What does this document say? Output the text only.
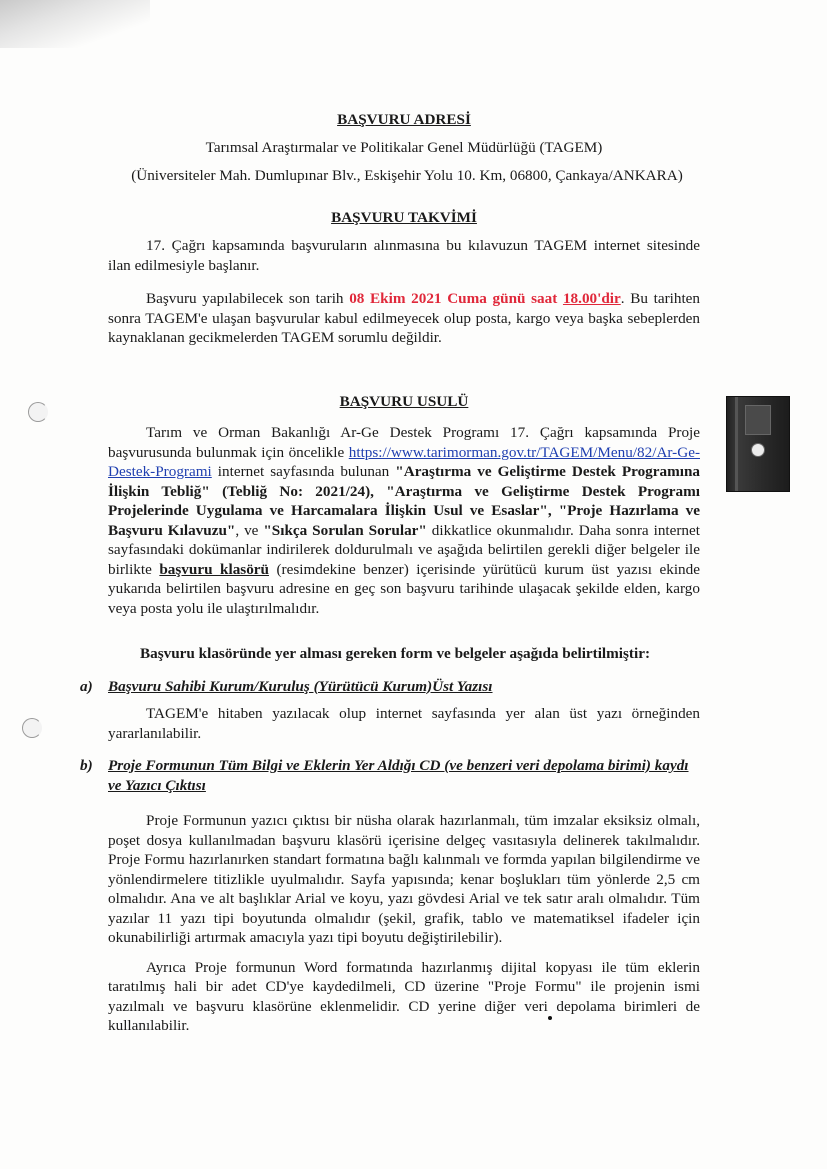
BAŞVURU ADRESİ

Tarımsal Araştırmalar ve Politikalar Genel Müdürlüğü (TAGEM)

(Üniversiteler Mah. Dumlupınar Blv., Eskişehir Yolu 10. Km, 06800, Çankaya/ANKARA)

BAŞVURU TAKVİMİ

17. Çağrı kapsamında başvuruların alınmasına bu kılavuzun TAGEM internet sitesinde ilan edilmesiyle başlanır.

Başvuru yapılabilecek son tarih 08 Ekim 2021 Cuma günü saat 18.00'dir. Bu tarihten sonra TAGEM'e ulaşan başvurular kabul edilmeyecek olup posta, kargo veya başka sebeplerden kaynaklanan gecikmelerden TAGEM sorumlu değildir.

BAŞVURU USULÜ

Tarım ve Orman Bakanlığı Ar-Ge Destek Programı 17. Çağrı kapsamında Proje başvurusunda bulunmak için öncelikle https://www.tarimorman.gov.tr/TAGEM/Menu/82/Ar-Ge-Destek-Programi internet sayfasında bulunan "Araştırma ve Geliştirme Destek Programına İlişkin Tebliğ" (Tebliğ No: 2021/24), "Araştırma ve Geliştirme Destek Programı Projelerinde Uygulama ve Harcamalara İlişkin Usul ve Esaslar", "Proje Hazırlama ve Başvuru Kılavuzu", ve "Sıkça Sorulan Sorular" dikkatlice okunmalıdır. Daha sonra internet sayfasındaki dokümanlar indirilerek doldurulmalı ve aşağıda belirtilen gerekli diğer belgeler ile birlikte başvuru klasörü (resimdekine benzer) içerisinde yürütücü kurum üst yazısı ekinde yukarıda belirtilen başvuru adresine en geç son başvuru tarihinde ulaşacak şekilde elden, kargo veya posta yolu ile ulaştırılmalıdır.

Başvuru klasöründe yer alması gereken form ve belgeler aşağıda belirtilmiştir:

a)	Başvuru Sahibi Kurum/Kuruluş (Yürütücü Kurum)Üst Yazısı

TAGEM'e hitaben yazılacak olup internet sayfasında yer alan üst yazı örneğinden yararlanılabilir.

b)	Proje Formunun Tüm Bilgi ve Eklerin Yer Aldığı CD (ve benzeri veri depolama birimi) kaydı ve Yazıcı Çıktısı

Proje Formunun yazıcı çıktısı bir nüsha olarak hazırlanmalı, tüm imzalar eksiksiz olmalı, poşet dosya kullanılmadan başvuru klasörü içerisine delgeç vasıtasıyla delinerek takılmalıdır. Proje Formu hazırlanırken standart formatına bağlı kalınmalı ve formda yapılan bilgilendirme ve yönlendirmelere titizlikle uyulmalıdır. Sayfa yapısında; kenar boşlukları tüm yönlerde 2,5 cm olmalıdır. Ana ve alt başlıklar Arial ve koyu, yazı gövdesi Arial ve tek satır aralı olmalıdır. Tüm yazılar 11 yazı tipi boyutunda olmalıdır (şekil, grafik, tablo ve matematiksel ifadeler için okunabilirliği artırmak amacıyla yazı tipi boyutu değiştirilebilir).

Ayrıca Proje formunun Word formatında hazırlanmış dijital kopyası ile tüm eklerin taratılmış hali bir adet CD'ye kaydedilmeli, CD üzerine "Proje Formu" ile projenin ismi yazılmalı ve başvuru klasörüne eklenmelidir. CD yerine diğer veri depolama birimleri de kullanılabilir.
